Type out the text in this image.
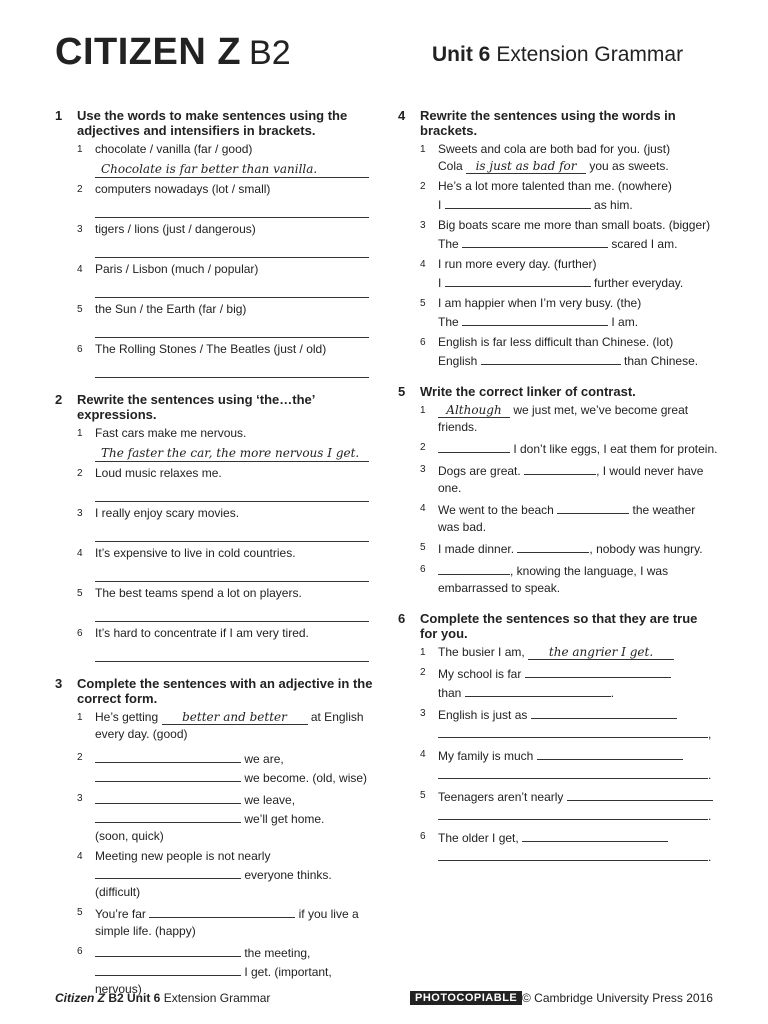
CITIZEN Z B2	Unit 6 Extension Grammar
1	Use the words to make sentences using the adjectives and intensifiers in brackets.
1 chocolate / vanilla (far / good)
Chocolate is far better than vanilla.
2 computers nowadays (lot / small)
3 tigers / lions (just / dangerous)
4 Paris / Lisbon (much / popular)
5 the Sun / the Earth (far / big)
6 The Rolling Stones / The Beatles (just / old)
2	Rewrite the sentences using ‘the…the’ expressions.
1 Fast cars make me nervous.
The faster the car, the more nervous I get.
2 Loud music relaxes me.
3 I really enjoy scary movies.
4 It’s expensive to live in cold countries.
5 The best teams spend a lot on players.
6 It’s hard to concentrate if I am very tired.
3	Complete the sentences with an adjective in the correct form.
1 He’s getting better and better at English every day. (good)
2	we are,
we become. (old, wise)
3	we leave,
we’ll get home.
(soon, quick)
4 Meeting new people is not nearly
everyone thinks.
(difficult)
5 You’re far	if you live a simple life. (happy)
6	the meeting,
I get. (important,
nervous)
4	Rewrite the sentences using the words in brackets.
1 Sweets and cola are both bad for you. (just)
Cola is just as bad for you as sweets.
2 He’s a lot more talented than me. (nowhere)
I	as him.
3 Big boats scare me more than small boats. (bigger)
The	scared I am.
4 I run more every day. (further)
I	further everyday.
5 I am happier when I’m very busy. (the)
The	I am.
6 English is far less difficult than Chinese. (lot)
English	than Chinese.
5	Write the correct linker of contrast.
1 Although we just met, we’ve become great friends.
2	I don’t like eggs, I eat them for protein.
3 Dogs are great.	, I would never have one.
4 We went to the beach	the weather was bad.
5 I made dinner.	, nobody was hungry.
6	, knowing the language, I was embarrassed to speak.
6	Complete the sentences so that they are true for you.
1 The busier I am, the angrier I get.
2 My school is far
than	.
3 English is just as
,
4 My family is much
.
5 Teenagers aren’t nearly
.
6 The older I get,
.
Citizen Z B2 Unit 6 Extension Grammar	PHOTOCOPIABLE © Cambridge University Press 2016
